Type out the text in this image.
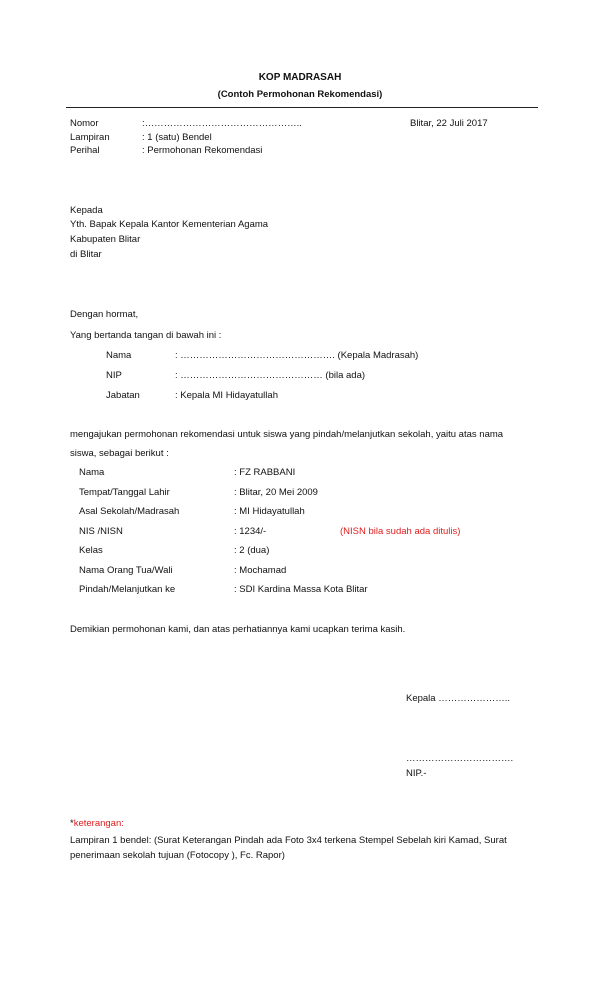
KOP MADRASAH
(Contoh Permohonan Rekomendasi)
Nomor	:…………………………………………..	Blitar, 22 Juli 2017
Lampiran	: 1 (satu) Bendel
Perihal	: Permohonan Rekomendasi
Kepada
Yth. Bapak Kepala Kantor Kementerian Agama
Kabupaten Blitar
di Blitar
Dengan hormat,
Yang bertanda tangan di bawah ini :
Nama	: …………………………………………. (Kepala Madrasah)
NIP	: ……………………………………… (bila ada)
Jabatan	: Kepala MI Hidayatullah
mengajukan permohonan rekomendasi untuk siswa yang pindah/melanjutkan sekolah, yaitu atas nama
siswa, sebagai berikut :
Nama	: FZ RABBANI
Tempat/Tanggal Lahir	: Blitar, 20 Mei 2009
Asal Sekolah/Madrasah	: MI Hidayatullah
NIS /NISN	: 1234/-	(NISN bila sudah ada ditulis)
Kelas	: 2 (dua)
Nama Orang Tua/Wali	: Mochamad
Pindah/Melanjutkan ke	: SDI Kardina Massa Kota Blitar
Demikian permohonan kami, dan atas perhatiannya kami ucapkan terima kasih.
Kepala …………………..
…………………………….
NIP.-
*keterangan:
Lampiran 1 bendel: (Surat Keterangan Pindah ada Foto 3x4 terkena Stempel Sebelah kiri Kamad, Surat
penerimaan sekolah tujuan (Fotocopy ), Fc. Rapor)
